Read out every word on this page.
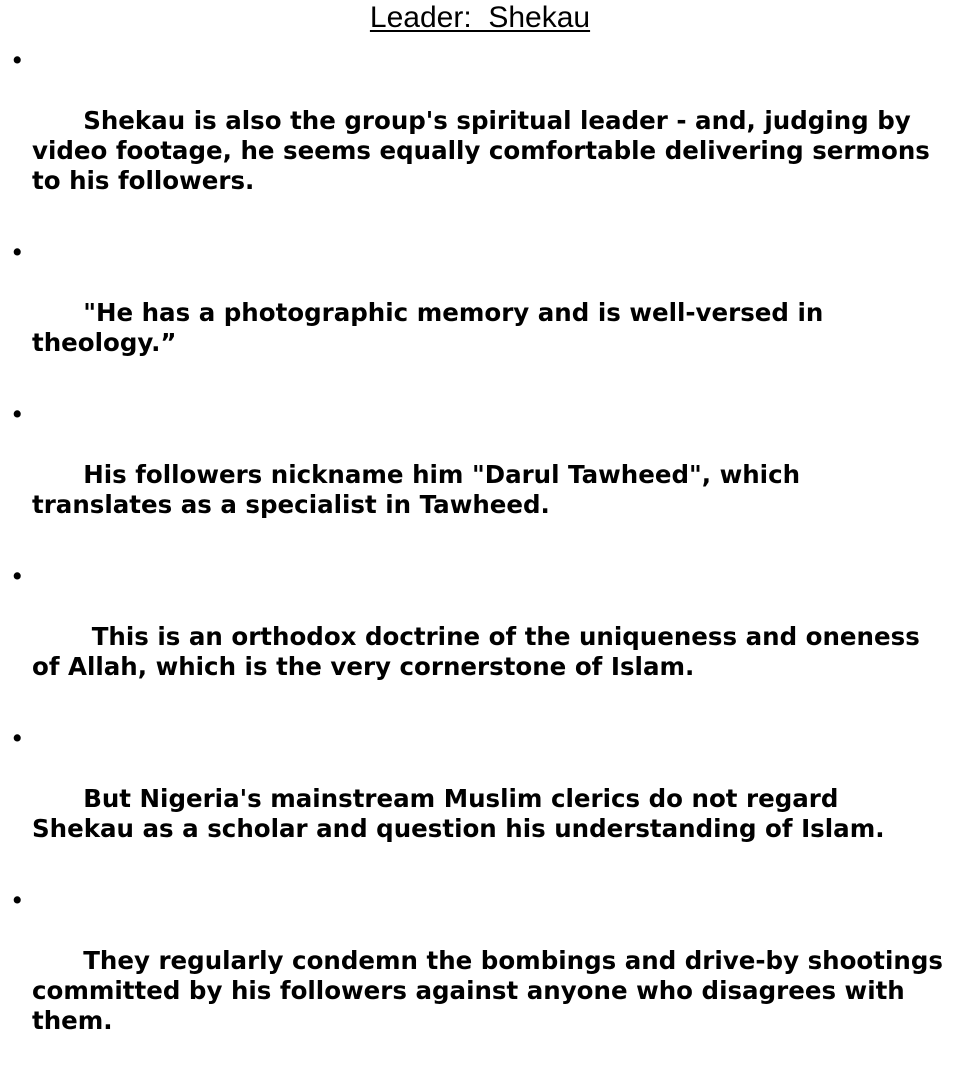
Leader:  Shekau

•

Shekau is also the group's spiritual leader - and, judging by video footage, he seems equally comfortable delivering sermons to his followers.

•

"He has a photographic memory and is well-versed in theology.”

•

His followers nickname him "Darul Tawheed", which translates as a specialist in Tawheed.

•

This is an orthodox doctrine of the uniqueness and oneness of Allah, which is the very cornerstone of Islam.

•

But Nigeria's mainstream Muslim clerics do not regard Shekau as a scholar and question his understanding of Islam.

•

They regularly condemn the bombings and drive-by shootings committed by his followers against anyone who disagrees with them.
